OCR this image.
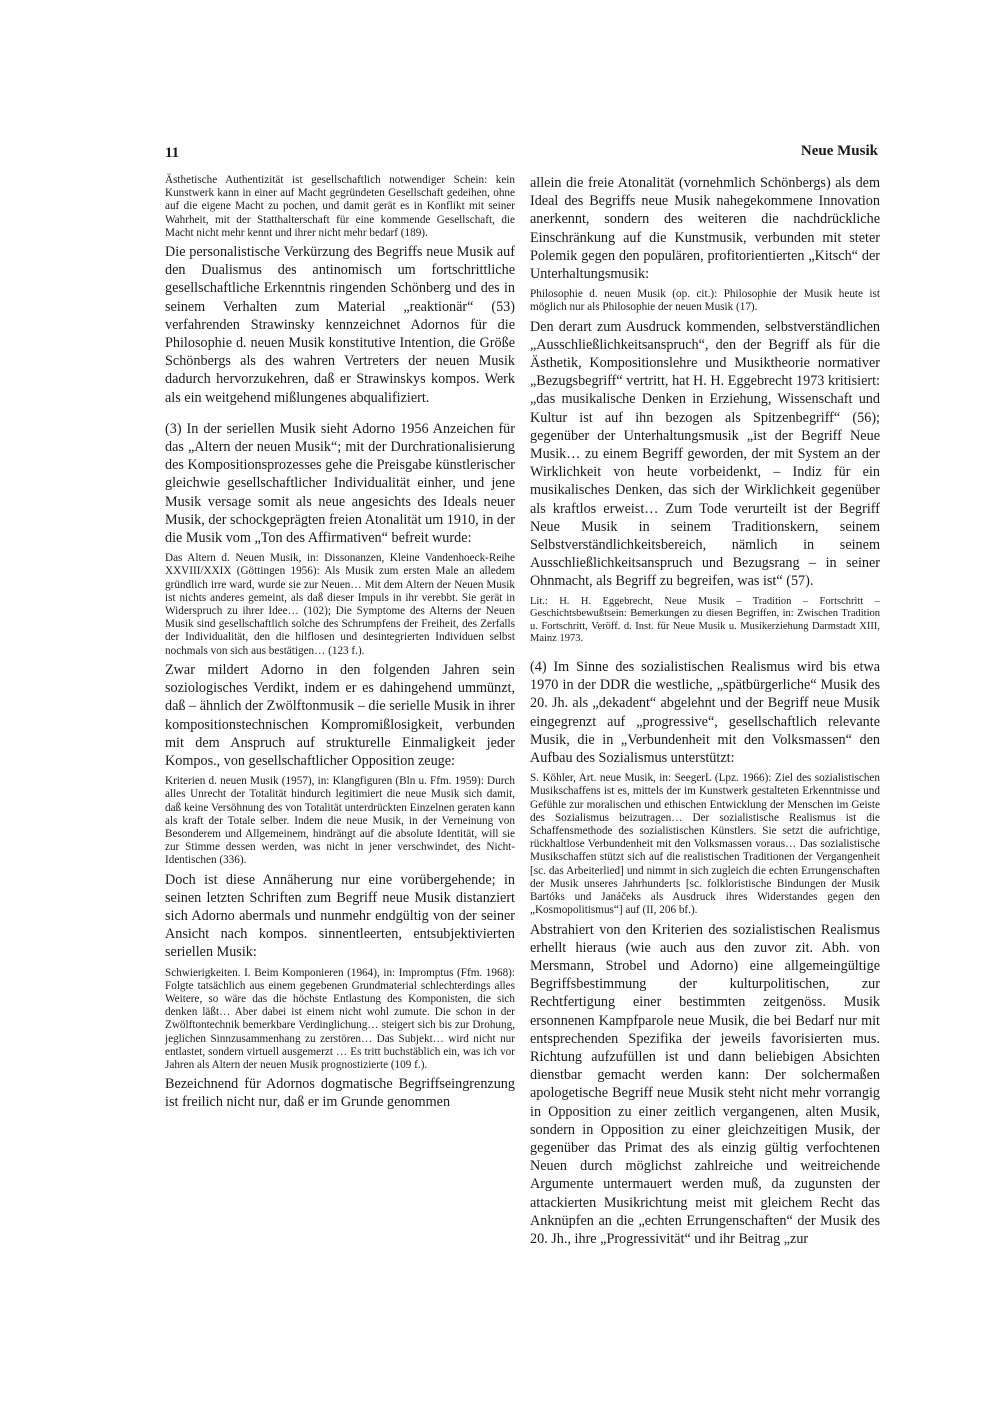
11	Neue Musik

Ästhetische Authentizität ist gesellschaftlich notwendiger Schein: kein Kunstwerk kann in einer auf Macht gegründeten Gesellschaft gedeihen, ohne auf die eigene Macht zu pochen, und damit gerät es in Konflikt mit seiner Wahrheit, mit der Statthalterschaft für eine kommende Gesellschaft, die Macht nicht mehr kennt und ihrer nicht mehr bedarf (189).

Die personalistische Verkürzung des Begriffs neue Musik auf den Dualismus des antinomisch um fortschrittliche gesellschaftliche Erkenntnis ringenden Schönberg und des in seinem Verhalten zum Material „reaktionär“ (53) verfahrenden Strawinsky kennzeichnet Adornos für die Philosophie d. neuen Musik konstitutive Intention, die Größe Schönbergs als des wahren Vertreters der neuen Musik dadurch hervorzukehren, daß er Strawinskys kompos. Werk als ein weitgehend mißlungenes abqualifiziert.

(3) In der seriellen Musik sieht Adorno 1956 Anzeichen für das „Altern der neuen Musik“; mit der Durchrationalisierung des Kompositionsprozesses gehe die Preisgabe künstlerischer gleichwie gesellschaftlicher Individualität einher, und jene Musik versage somit als neue angesichts des Ideals neuer Musik, der schockgeprägten freien Atonalität um 1910, in der die Musik vom „Ton des Affirmativen“ befreit wurde:

Das Altern d. Neuen Musik, in: Dissonanzen, Kleine Vandenhoeck-Reihe XXVIII/XXIX (Göttingen 1956): Als Musik zum ersten Male an alledem gründlich irre ward, wurde sie zur Neuen… Mit dem Altern der Neuen Musik ist nichts anderes gemeint, als daß dieser Impuls in ihr verebbt. Sie gerät in Widerspruch zu ihrer Idee… (102); Die Symptome des Alterns der Neuen Musik sind gesellschaftlich solche des Schrumpfens der Freiheit, des Zerfalls der Individualität, den die hilflosen und desintegrierten Individuen selbst nochmals von sich aus bestätigen… (123 f.).

Zwar mildert Adorno in den folgenden Jahren sein soziologisches Verdikt, indem er es dahingehend ummünzt, daß – ähnlich der Zwölftonmusik – die serielle Musik in ihrer kompositionstechnischen Kompromißlosigkeit, verbunden mit dem Anspruch auf strukturelle Einmaligkeit jeder Kompos., von gesellschaftlicher Opposition zeuge:

Kriterien d. neuen Musik (1957), in: Klangfiguren (Bln u. Ffm. 1959): Durch alles Unrecht der Totalität hindurch legitimiert die neue Musik sich damit, daß keine Versöhnung des von Totalität unterdrückten Einzelnen geraten kann als kraft der Totale selber. Indem die neue Musik, in der Verneinung von Besonderem und Allgemeinem, hindrängt auf die absolute Identität, will sie zur Stimme dessen werden, was nicht in jener verschwindet, des Nicht-Identischen (336).

Doch ist diese Annäherung nur eine vorübergehende; in seinen letzten Schriften zum Begriff neue Musik distanziert sich Adorno abermals und nunmehr endgültig von der seiner Ansicht nach kompos. sinnentleerten, entsubjektivierten seriellen Musik:

Schwierigkeiten. I. Beim Komponieren (1964), in: Impromptus (Ffm. 1968): Folgte tatsächlich aus einem gegebenen Grundmaterial schlechterdings alles Weitere, so wäre das die höchste Entlastung des Komponisten, die sich denken läßt… Aber dabei ist einem nicht wohl zumute. Die schon in der Zwölftontechnik bemerkbare Verdinglichung… steigert sich bis zur Drohung, jeglichen Sinnzusammenhang zu zerstören… Das Subjekt… wird nicht nur entlastet, sondern virtuell ausgemerzt … Es tritt buchstäblich ein, was ich vor Jahren als Altern der neuen Musik prognostizierte (109 f.).

Bezeichnend für Adornos dogmatische Begriffseingrenzung ist freilich nicht nur, daß er im Grunde genommen

allein die freie Atonalität (vornehmlich Schönbergs) als dem Ideal des Begriffs neue Musik nahegekommene Innovation anerkennt, sondern des weiteren die nachdrückliche Einschränkung auf die Kunstmusik, verbunden mit steter Polemik gegen den populären, profitorientierten „Kitsch“ der Unterhaltungsmusik:

Philosophie d. neuen Musik (op. cit.): Philosophie der Musik heute ist möglich nur als Philosophie der neuen Musik (17).

Den derart zum Ausdruck kommenden, selbstverständlichen „Ausschließlichkeitsanspruch“, den der Begriff als für die Ästhetik, Kompositionslehre und Musiktheorie normativer „Bezugsbegriff“ vertritt, hat H. H. Eggebrecht 1973 kritisiert: „das musikalische Denken in Erziehung, Wissenschaft und Kultur ist auf ihn bezogen als Spitzenbegriff“ (56); gegenüber der Unterhaltungsmusik „ist der Begriff Neue Musik… zu einem Begriff geworden, der mit System an der Wirklichkeit von heute vorbeidenkt, – Indiz für ein musikalisches Denken, das sich der Wirklichkeit gegenüber als kraftlos erweist… Zum Tode verurteilt ist der Begriff Neue Musik in seinem Traditionskern, seinem Selbstverständlichkeitsbereich, nämlich in seinem Ausschließlichkeitsanspruch und Bezugsrang – in seiner Ohnmacht, als Begriff zu begreifen, was ist“ (57).

Lit.: H. H. Eggebrecht, Neue Musik – Tradition – Fortschritt – Geschichtsbewußtsein: Bemerkungen zu diesen Begriffen, in: Zwischen Tradition u. Fortschritt, Veröff. d. Inst. für Neue Musik u. Musikerziehung Darmstadt XIII, Mainz 1973.

(4) Im Sinne des sozialistischen Realismus wird bis etwa 1970 in der DDR die westliche, „spätbürgerliche“ Musik des 20. Jh. als „dekadent“ abgelehnt und der Begriff neue Musik eingegrenzt auf „progressive“, gesellschaftlich relevante Musik, die in „Verbundenheit mit den Volksmassen“ den Aufbau des Sozialismus unterstützt:

S. Köhler, Art. neue Musik, in: SeegerL (Lpz. 1966): Ziel des sozialistischen Musikschaffens ist es, mittels der im Kunstwerk gestalteten Erkenntnisse und Gefühle zur moralischen und ethischen Entwicklung der Menschen im Geiste des Sozialismus beizutragen… Der sozialistische Realismus ist die Schaffensmethode des sozialistischen Künstlers. Sie setzt die aufrichtige, rückhaltlose Verbundenheit mit den Volksmassen voraus… Das sozialistische Musikschaffen stützt sich auf die realistischen Traditionen der Vergangenheit [sc. das Arbeiterlied] und nimmt in sich zugleich die echten Errungenschaften der Musik unseres Jahrhunderts [sc. folkloristische Bindungen der Musik Bartóks und Janáčeks als Ausdruck ihres Widerstandes gegen den „Kosmopolitismus“] auf (II, 206 bf.).

Abstrahiert von den Kriterien des sozialistischen Realismus erhellt hieraus (wie auch aus den zuvor zit. Abh. von Mersmann, Strobel und Adorno) eine allgemeingültige Begriffsbestimmung der kulturpolitischen, zur Rechtfertigung einer bestimmten zeitgenöss. Musik ersonnenen Kampfparole neue Musik, die bei Bedarf nur mit entsprechenden Spezifika der jeweils favorisierten mus. Richtung aufzufüllen ist und dann beliebigen Absichten dienstbar gemacht werden kann: Der solchermaßen apologetische Begriff neue Musik steht nicht mehr vorrangig in Opposition zu einer zeitlich vergangenen, alten Musik, sondern in Opposition zu einer gleichzeitigen Musik, der gegenüber das Primat des als einzig gültig verfochtenen Neuen durch möglichst zahlreiche und weitreichende Argumente untermauert werden muß, da zugunsten der attackierten Musikrichtung meist mit gleichem Recht das Anknüpfen an die „echten Errungenschaften“ der Musik des 20. Jh., ihre „Progressivität“ und ihr Beitrag „zur
